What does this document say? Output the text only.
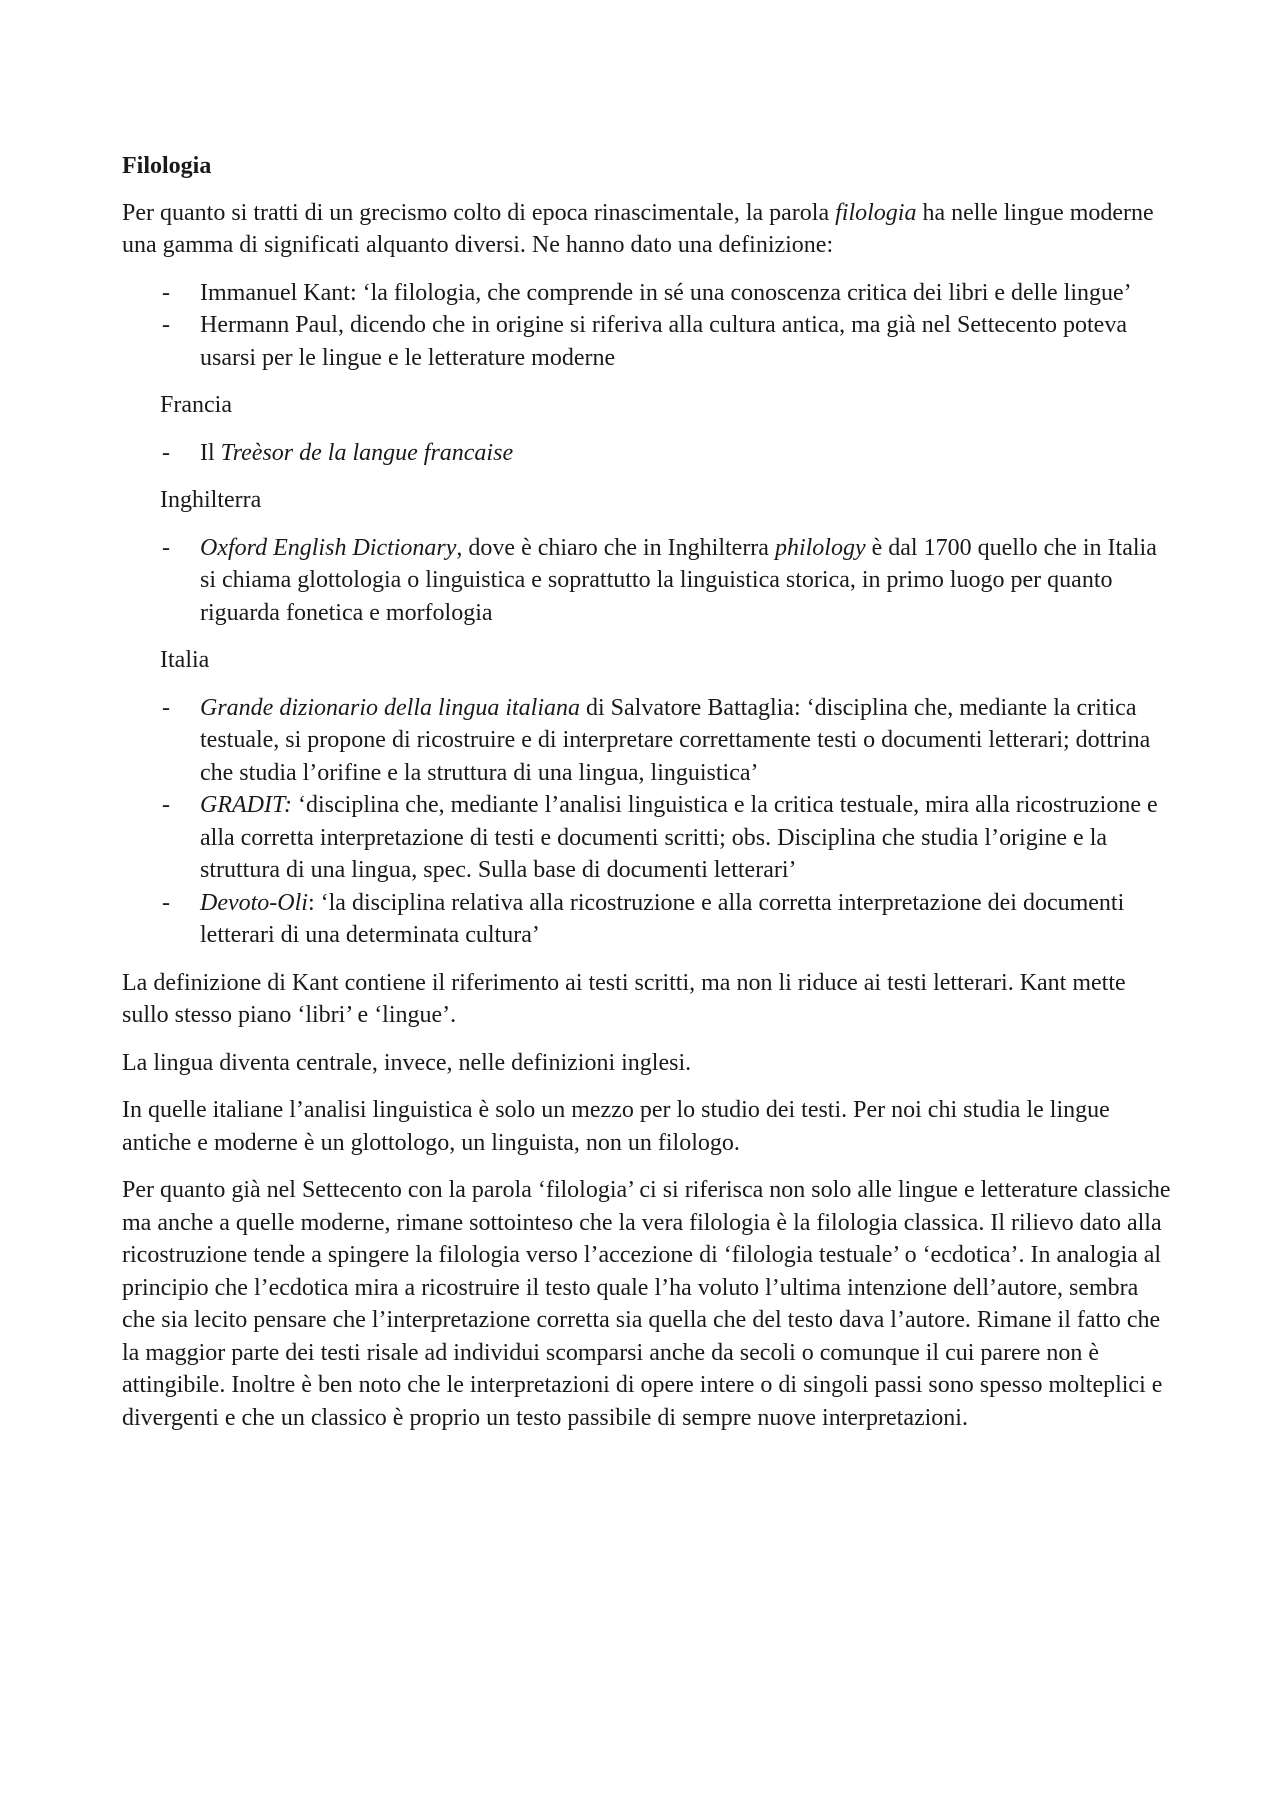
Filologia

Per quanto si tratti di un grecismo colto di epoca rinascimentale, la parola filologia ha nelle lingue moderne una gamma di significati alquanto diversi. Ne hanno dato una definizione:

- Immanuel Kant: ‘la filologia, che comprende in sé una conoscenza critica dei libri e delle lingue’
- Hermann Paul, dicendo che in origine si riferiva alla cultura antica, ma già nel Settecento poteva usarsi per le lingue e le letterature moderne
Francia
- Il Treèsor de la langue francaise
Inghilterra
- Oxford English Dictionary, dove è chiaro che in Inghilterra philology è dal 1700 quello che in Italia si chiama glottologia o linguistica e soprattutto la linguistica storica, in primo luogo per quanto riguarda fonetica e morfologia
Italia
- Grande dizionario della lingua italiana di Salvatore Battaglia: ‘disciplina che, mediante la critica testuale, si propone di ricostruire e di interpretare correttamente testi o documenti letterari; dottrina che studia l’orifine e la struttura di una lingua, linguistica’
- GRADIT: ‘disciplina che, mediante l’analisi linguistica e la critica testuale, mira alla ricostruzione e alla corretta interpretazione di testi e documenti scritti; obs. Disciplina che studia l’origine e la struttura di una lingua, spec. Sulla base di documenti letterari’
- Devoto-Oli: ‘la disciplina relativa alla ricostruzione e alla corretta interpretazione dei documenti letterari di una determinata cultura’

La definizione di Kant contiene il riferimento ai testi scritti, ma non li riduce ai testi letterari. Kant mette sullo stesso piano ‘libri’ e ‘lingue’.

La lingua diventa centrale, invece, nelle definizioni inglesi.

In quelle italiane l’analisi linguistica è solo un mezzo per lo studio dei testi. Per noi chi studia le lingue antiche e moderne è un glottologo, un linguista, non un filologo.

Per quanto già nel Settecento con la parola ‘filologia’ ci si riferisca non solo alle lingue e letterature classiche ma anche a quelle moderne, rimane sottointeso che la vera filologia è la filologia classica. Il rilievo dato alla ricostruzione tende a spingere la filologia verso l’accezione di ‘filologia testuale’ o ‘ecdotica’. In analogia al principio che l’ecdotica mira a ricostruire il testo quale l’ha voluto l’ultima intenzione dell’autore, sembra che sia lecito pensare che l’interpretazione corretta sia quella che del testo dava l’autore. Rimane il fatto che la maggior parte dei testi risale ad individui scomparsi anche da secoli o comunque il cui parere non è attingibile. Inoltre è ben noto che le interpretazioni di opere intere o di singoli passi sono spesso molteplici e divergenti e che un classico è proprio un testo passibile di sempre nuove interpretazioni.
